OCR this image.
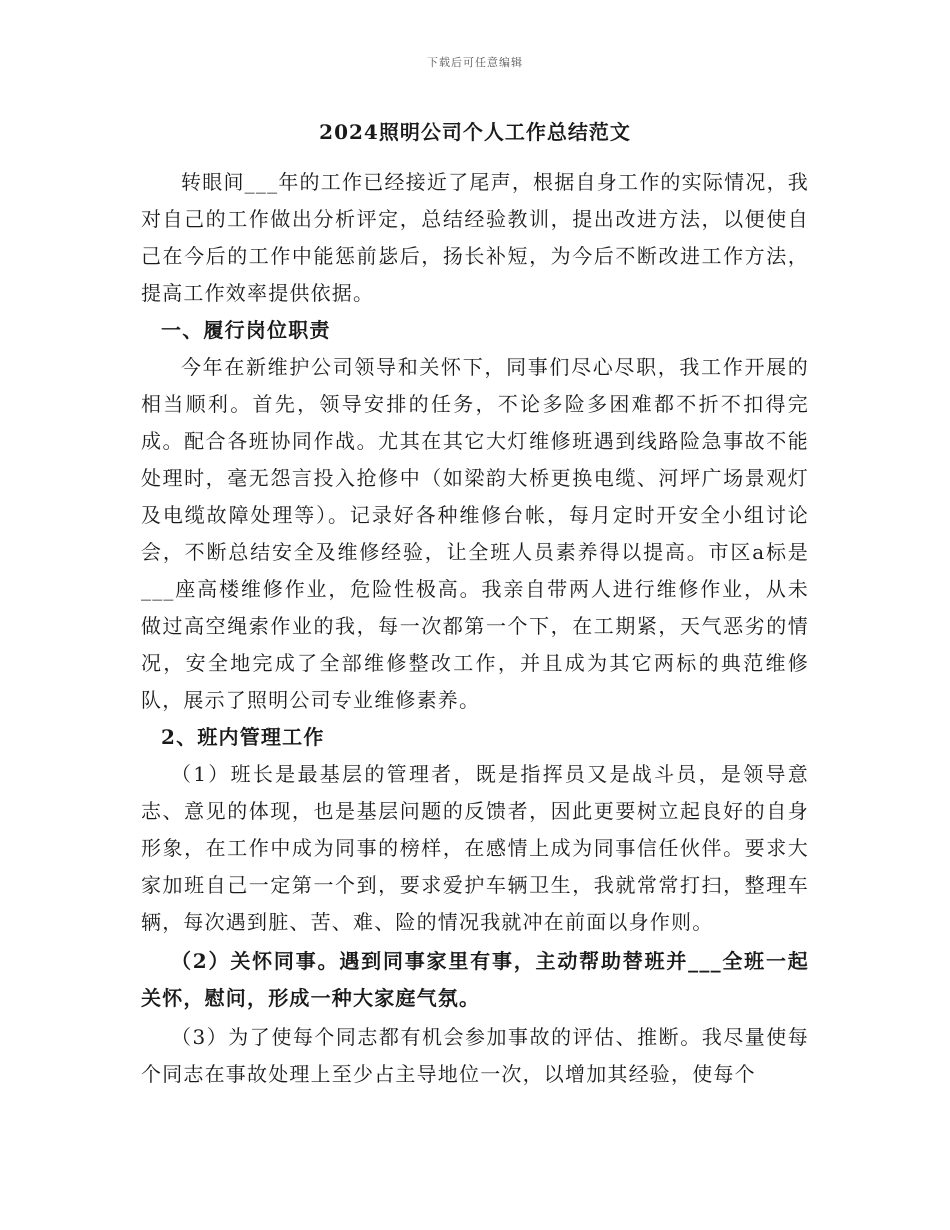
下载后可任意编辑
2024照明公司个人工作总结范文

转眼间___年的工作已经接近了尾声，根据自身工作的实际情况，我对自己的工作做出分析评定，总结经验教训，提出改进方法，以便使自己在今后的工作中能惩前毖后，扬长补短，为今后不断改进工作方法，提高工作效率提供依据。

一、履行岗位职责

今年在新维护公司领导和关怀下，同事们尽心尽职，我工作开展的相当顺利。首先，领导安排的任务，不论多险多困难都不折不扣得完成。配合各班协同作战。尤其在其它大灯维修班遇到线路险急事故不能处理时，毫无怨言投入抢修中（如梁韵大桥更换电缆、河坪广场景观灯及电缆故障处理等）。记录好各种维修台帐，每月定时开安全小组讨论会，不断总结安全及维修经验，让全班人员素养得以提高。市区a标是___座高楼维修作业，危险性极高。我亲自带两人进行维修作业，从未做过高空绳索作业的我，每一次都第一个下，在工期紧，天气恶劣的情况，安全地完成了全部维修整改工作，并且成为其它两标的典范维修队，展示了照明公司专业维修素养。

2、班内管理工作

（1）班长是最基层的管理者，既是指挥员又是战斗员，是领导意志、意见的体现，也是基层问题的反馈者，因此更要树立起良好的自身形象，在工作中成为同事的榜样，在感情上成为同事信任伙伴。要求大家加班自己一定第一个到，要求爱护车辆卫生，我就常常打扫，整理车辆，每次遇到脏、苦、难、险的情况我就冲在前面以身作则。

（2）关怀同事。遇到同事家里有事，主动帮助替班并___全班一起关怀，慰问，形成一种大家庭气氛。

（3）为了使每个同志都有机会参加事故的评估、推断。我尽量使每个同志在事故处理上至少占主导地位一次，以增加其经验，使每个
